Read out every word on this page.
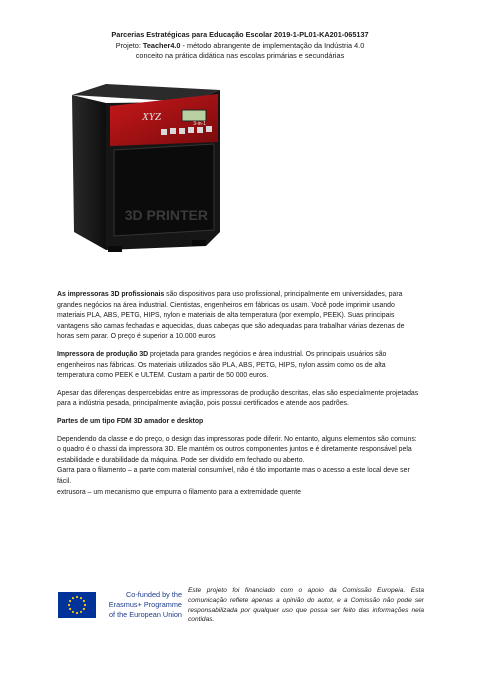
Parcerias Estratégicas para Educação Escolar 2019-1-PL01-KA201-065137
Projeto: Teacher4.0 - método abrangente de implementação da Indústria 4.0
conceito na prática didática nas escolas primárias e secundárias
XYZ
3-in-1
3D PRINTER

As impressoras 3D profissionais são dispositivos para uso profissional, principalmente em universidades, para grandes negócios na área industrial. Cientistas, engenheiros em fábricas os usam. Você pode imprimir usando materiais PLA, ABS, PETG, HIPS, nylon e materiais de alta temperatura (por exemplo, PEEK). Suas principais vantagens são camas fechadas e aquecidas, duas cabeças que são adequadas para trabalhar várias dezenas de horas sem parar. O preço é superior a 10.000 euros

Impressora de produção 3D projetada para grandes negócios e área industrial. Os principais usuários são engenheiros nas fábricas. Os materiais utilizados são PLA, ABS, PETG, HIPS, nylon assim como os de alta temperatura como PEEK e ULTEM. Custam a partir de 50 000 euros.

Apesar das diferenças despercebidas entre as impressoras de produção descritas, elas são especialmente projetadas para a indústria pesada, principalmente aviação, pois possui certificados e atende aos padrões.

Partes de um tipo FDM 3D amador e desktop

Dependendo da classe e do preço, o design das impressoras pode diferir. No entanto, alguns elementos são comuns:

o quadro é o chassi da impressora 3D. Ele mantém os outros componentes juntos e é diretamente responsável pela estabilidade e durabilidade da máquina. Pode ser dividido em fechado ou aberto.

Garra para o filamento – a parte com material consumível, não é tão importante mas o acesso a este local deve ser fácil.

extrusora – um mecanismo que empurra o filamento para a extremidade quente

Co-funded by the
Erasmus+ Programme
of the European Union
Este projeto foi financiado com o apoio da Comissão Europeia. Esta comunicação reflete apenas a opinião do autor, e a Comissão não pode ser responsabilizada por qualquer uso que possa ser feito das informações nela contidas.
